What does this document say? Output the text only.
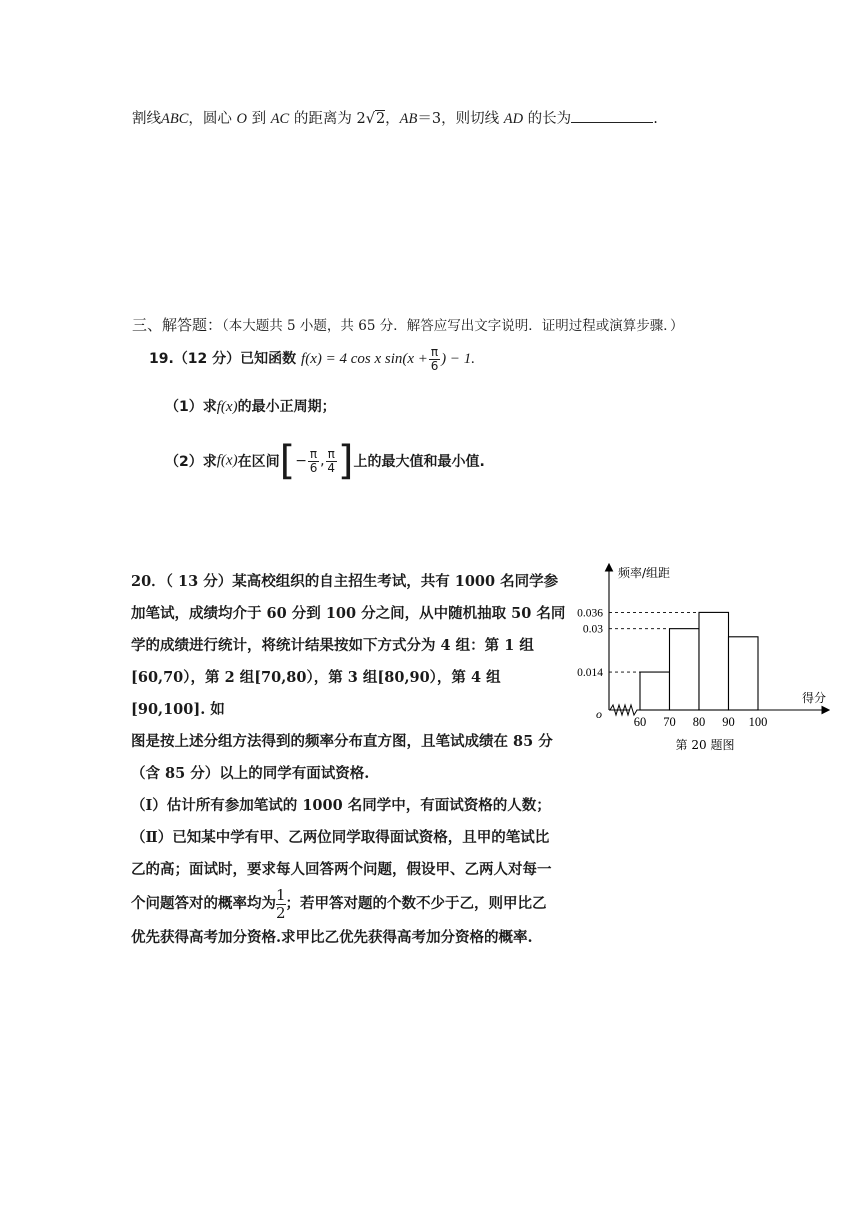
割线ABC，圆心 O 到 AC 的距离为 2√2，AB＝3，则切线 AD 的长为	.
三、解答题：（本大题共 5 小题，共 65 分．解答应写出文字说明．证明过程或演算步骤．）
19.（12 分）已知函数 f(x) = 4 cos x $\sin(x + \frac{\pi}{6}$ ) − 1.
（1）求f(x)的最小正周期；
（2）求f(x)在区间[− $\frac{\pi}{6}$ , $\frac{\pi}{4}$ ]上的最大值和最小值.
20．（ 13 分）某高校组织的自主招生考试，共有 1000 名同学参
加笔试，成绩均介于 60 分到 100 分之间，从中随机抽取 50 名同
学的成绩进行统计，将统计结果按如下方式分为 4 组：第 1 组
[60,70），第 2 组[70,80），第 3 组[80,90），第 4 组[90,100]. 如
图是按上述分组方法得到的频率分布直方图，且笔试成绩在 85 分
（含 85 分）以上的同学有面试资格.
（Ⅰ）估计所有参加笔试的 1000 名同学中，有面试资格的人数；
（Ⅱ）已知某中学有甲、乙两位同学取得面试资格，且甲的笔试比
乙的高；面试时，要求每人回答两个问题，假设甲、乙两人对每一
个问题答对的概率均为 $\frac{1}{2}$ ；若甲答对题的个数不少于乙，则甲比乙
优先获得高考加分资格.求甲比乙优先获得高考加分资格的概率.
频率/组距
得分
o
0.036
0.03
0.014
60 70 80 90 100
第 20 题图
